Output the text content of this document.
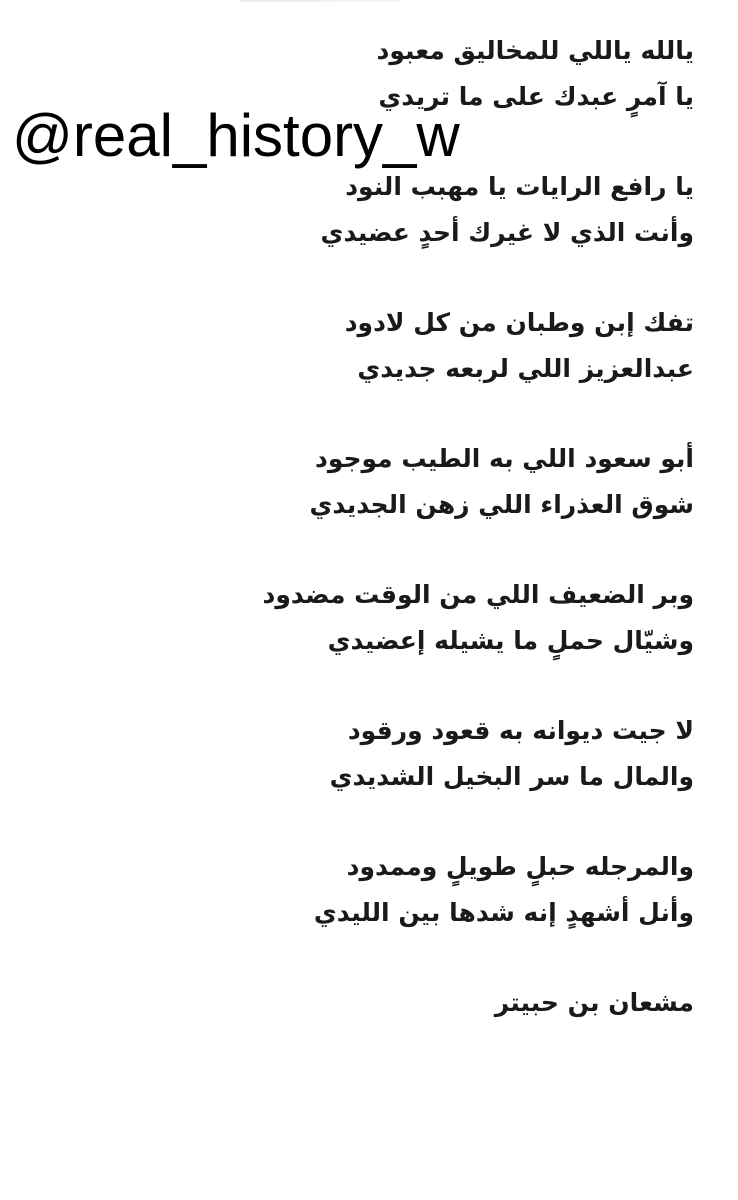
يالله ياللي للمخاليق معبود
يا آمرٍ عبدك على ما تريدي
يا رافع الرايات يا مهبب النود
وأنت الذي لا غيرك أحدٍ عضيدي
تفك إبن وطبان من كل لادود
عبدالعزيز اللي لربعه جديدي
أبو سعود اللي به الطيب موجود
شوق العذراء اللي زهن الجديدي
وبر الضعيف اللي من الوقت مضدود
وشيّال حملٍ ما يشيله إعضيدي
لا جيت ديوانه به قعود ورقود
والمال ما سر البخيل الشديدي
والمرجله حبلٍ طويلٍ وممدود
وأنل أشهدٍ إنه شدها بين الليدي
مشعان بن حبيتر
@real_history_w
